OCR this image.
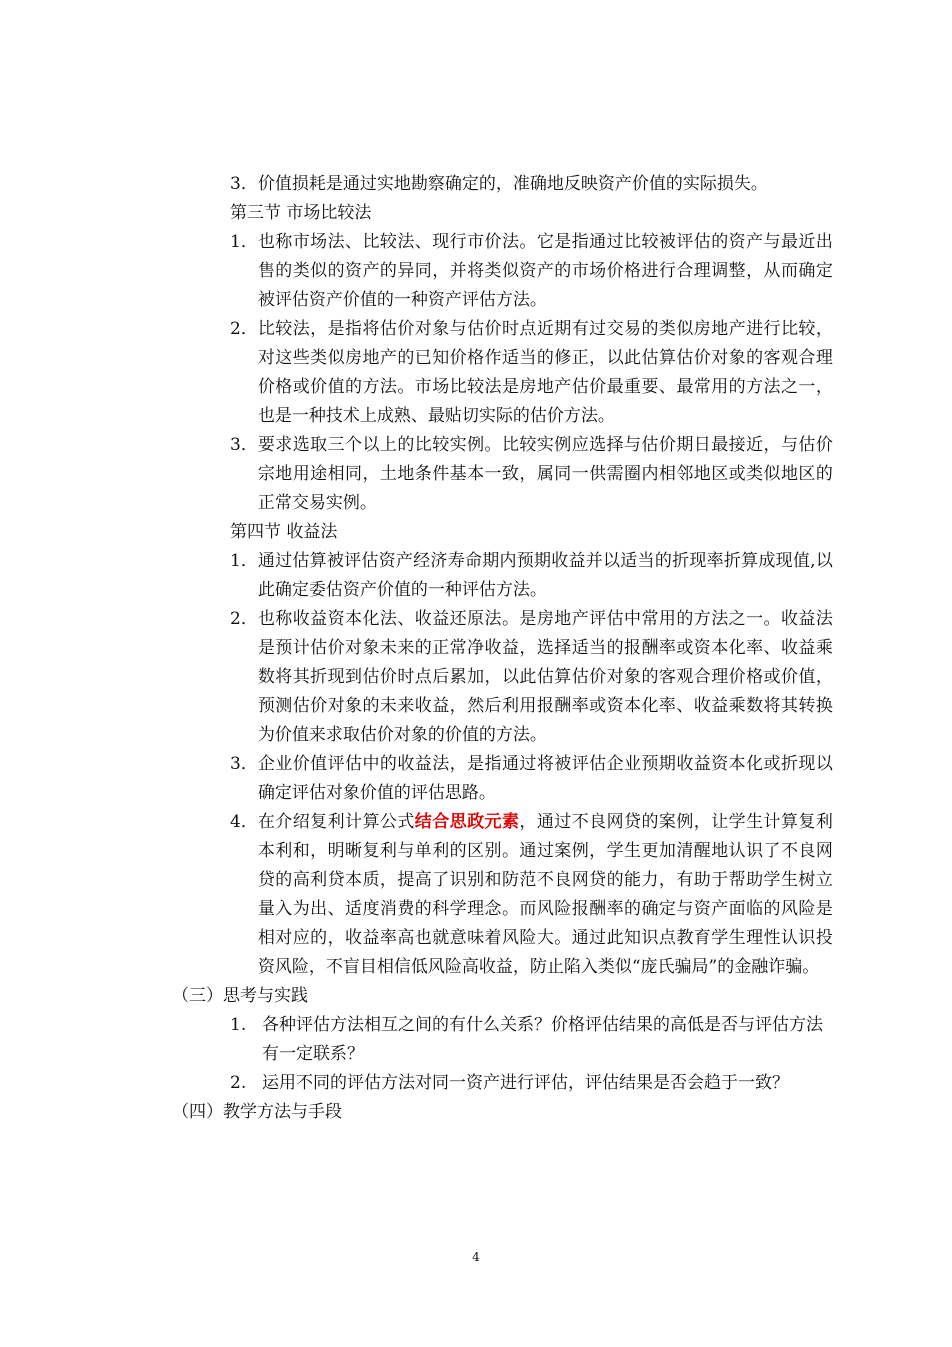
3．价值损耗是通过实地勘察确定的，准确地反映资产价值的实际损失。
第三节 市场比较法
1． 也称市场法、比较法、现行市价法。它是指通过比较被评估的资产与最近出售的类似的资产的异同，并将类似资产的市场价格进行合理调整，从而确定被评估资产价值的一种资产评估方法。
2． 比较法，是指将估价对象与估价时点近期有过交易的类似房地产进行比较，对这些类似房地产的已知价格作适当的修正，以此估算估价对象的客观合理价格或价值的方法。市场比较法是房地产估价最重要、最常用的方法之一，也是一种技术上成熟、最贴切实际的估价方法。
3． 要求选取三个以上的比较实例。比较实例应选择与估价期日最接近，与估价宗地用途相同，土地条件基本一致，属同一供需圈内相邻地区或类似地区的正常交易实例。
第四节 收益法
1． 通过估算被评估资产经济寿命期内预期收益并以适当的折现率折算成现值,以此确定委估资产价值的一种评估方法。
2． 也称收益资本化法、收益还原法。是房地产评估中常用的方法之一。收益法是预计估价对象未来的正常净收益，选择适当的报酬率或资本化率、收益乘数将其折现到估价时点后累加，以此估算估价对象的客观合理价格或价值，预测估价对象的未来收益，然后利用报酬率或资本化率、收益乘数将其转换为价值来求取估价对象的价值的方法。
3． 企业价值评估中的收益法，是指通过将被评估企业预期收益资本化或折现以确定评估对象价值的评估思路。
4． 在介绍复利计算公式结合思政元素，通过不良网贷的案例，让学生计算复利本利和，明晰复利与单利的区别。通过案例，学生更加清醒地认识了不良网贷的高利贷本质，提高了识别和防范不良网贷的能力，有助于帮助学生树立量入为出、适度消费的科学理念。而风险报酬率的确定与资产面临的风险是相对应的，收益率高也就意味着风险大。通过此知识点教育学生理性认识投资风险，不盲目相信低风险高收益，防止陷入类似“庞氏骗局”的金融诈骗。
（三）思考与实践
1. 各种评估方法相互之间的有什么关系？价格评估结果的高低是否与评估方法有一定联系？
2. 运用不同的评估方法对同一资产进行评估，评估结果是否会趋于一致？
（四）教学方法与手段
4
